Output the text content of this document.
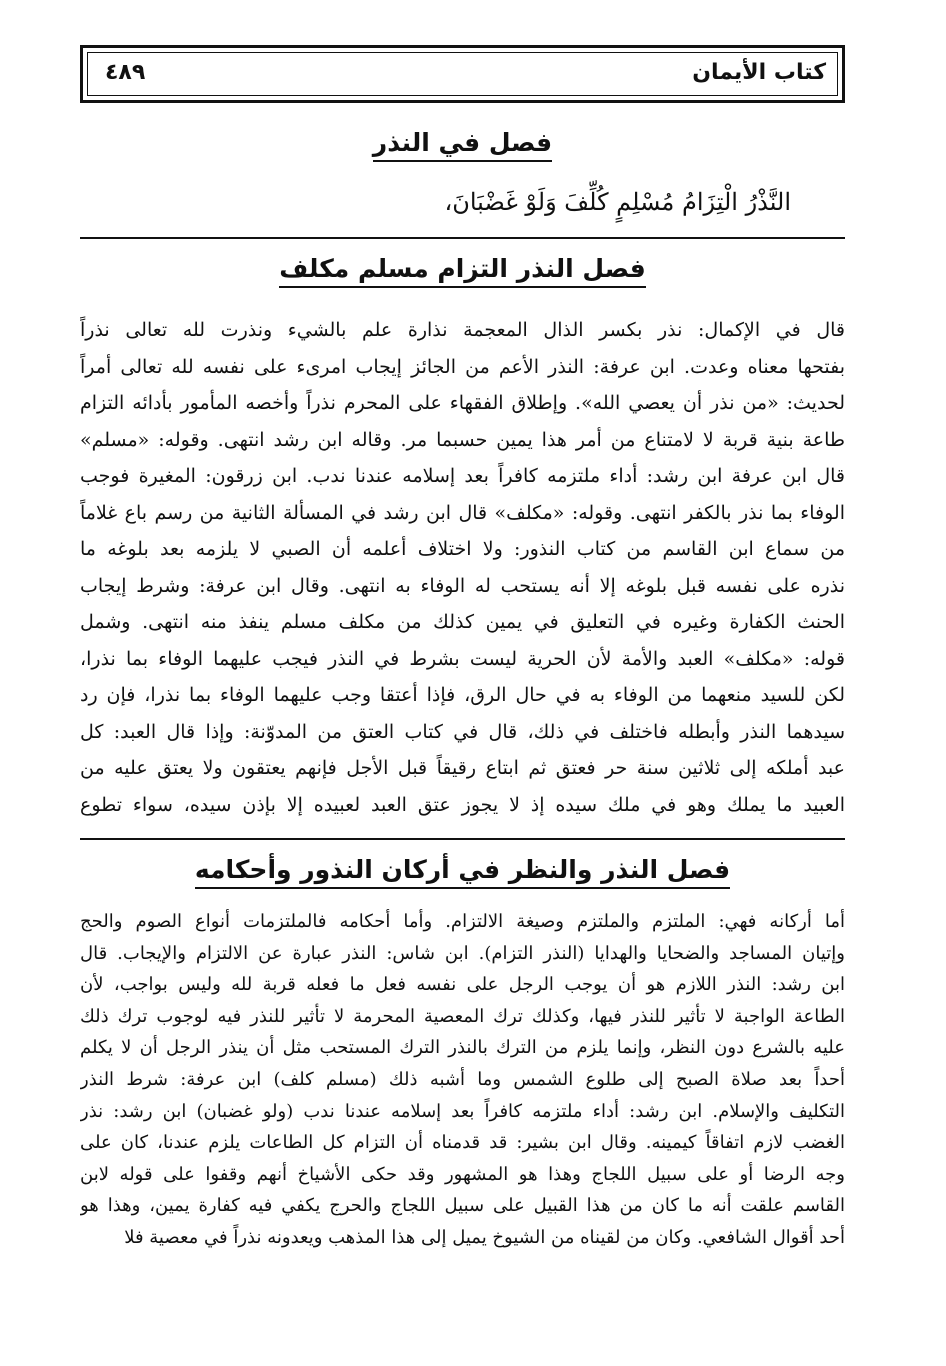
كتاب الأيمان
٤٨٩
فصل في النذر
النَّذْرُ الْتِزَامُ مُسْلِمٍ كُلِّفَ وَلَوْ غَضْبَانَ،
فصل النذر التزام مسلم مكلف
قال في الإكمال: نذر بكسر الذال المعجمة نذارة علم بالشيء ونذرت لله تعالى نذراً
بفتحها معناه وعدت. ابن عرفة: النذر الأعم من الجائز إيجاب امرىء على نفسه لله تعالى أمراً
لحديث: «من نذر أن يعصي الله». وإطلاق الفقهاء على المحرم نذراً وأخصه المأمور بأدائه التزام
طاعة بنية قربة لا لامتناع من أمر هذا يمين حسبما مر. وقاله ابن رشد انتهى. وقوله: «مسلم»
قال ابن عرفة ابن رشد: أداء ملتزمه كافراً بعد إسلامه عندنا ندب. ابن زرقون: المغيرة فوجب
الوفاء بما نذر بالكفر انتهى. وقوله: «مكلف» قال ابن رشد في المسألة الثانية من رسم باع غلاماً
من سماع ابن القاسم من كتاب النذور: ولا اختلاف أعلمه أن الصبي لا يلزمه بعد بلوغه ما
نذره على نفسه قبل بلوغه إلا أنه يستحب له الوفاء به انتهى. وقال ابن عرفة: وشرط إيجاب
الحنث الكفارة وغيره في التعليق في يمين كذلك من مكلف مسلم ينفذ منه انتهى. وشمل
قوله: «مكلف» العبد والأمة لأن الحرية ليست بشرط في النذر فيجب عليهما الوفاء بما نذرا،
لكن للسيد منعهما من الوفاء به في حال الرق، فإذا أعتقا وجب عليهما الوفاء بما نذرا، فإن رد
سيدهما النذر وأبطله فاختلف في ذلك، قال في كتاب العتق من المدوّنة: وإذا قال العبد: كل
عبد أملكه إلى ثلاثين سنة حر فعتق ثم ابتاع رقيقاً قبل الأجل فإنهم يعتقون ولا يعتق عليه من
العبيد ما يملك وهو في ملك سيده إذ لا يجوز عتق العبد لعبيده إلا بإذن سيده، سواء تطوع
فصل النذر والنظر في أركان النذور وأحكامه
أما أركانه فهي: الملتزم والملتزم وصيغة الالتزام. وأما أحكامه فالملتزمات أنواع الصوم والحج
وإتيان المساجد والضحايا والهدايا (النذر التزام). ابن شاس: النذر عبارة عن الالتزام والإيجاب. قال
ابن رشد: النذر اللازم هو أن يوجب الرجل على نفسه فعل ما فعله قربة لله وليس بواجب، لأن
الطاعة الواجبة لا تأثير للنذر فيها، وكذلك ترك المعصية المحرمة لا تأثير للنذر فيه لوجوب ترك ذلك
عليه بالشرع دون النظر، وإنما يلزم من الترك بالنذر الترك المستحب مثل أن ينذر الرجل أن لا يكلم
أحداً بعد صلاة الصبح إلى طلوع الشمس وما أشبه ذلك (مسلم كلف) ابن عرفة: شرط النذر
التكليف والإسلام. ابن رشد: أداء ملتزمه كافراً بعد إسلامه عندنا ندب (ولو غضبان) ابن رشد: نذر
الغضب لازم اتفاقاً كيمينه. وقال ابن بشير: قد قدمناه أن التزام كل الطاعات يلزم عندنا، كان على
وجه الرضا أو على سبيل اللجاج وهذا هو المشهور وقد حكى الأشياخ أنهم وقفوا على قوله لابن
القاسم علقت أنه ما كان من هذا القبيل على سبيل اللجاج والحرج يكفي فيه كفارة يمين، وهذا هو
أحد أقوال الشافعي. وكان من لقيناه من الشيوخ يميل إلى هذا المذهب ويعدونه نذراً في معصية فلا
